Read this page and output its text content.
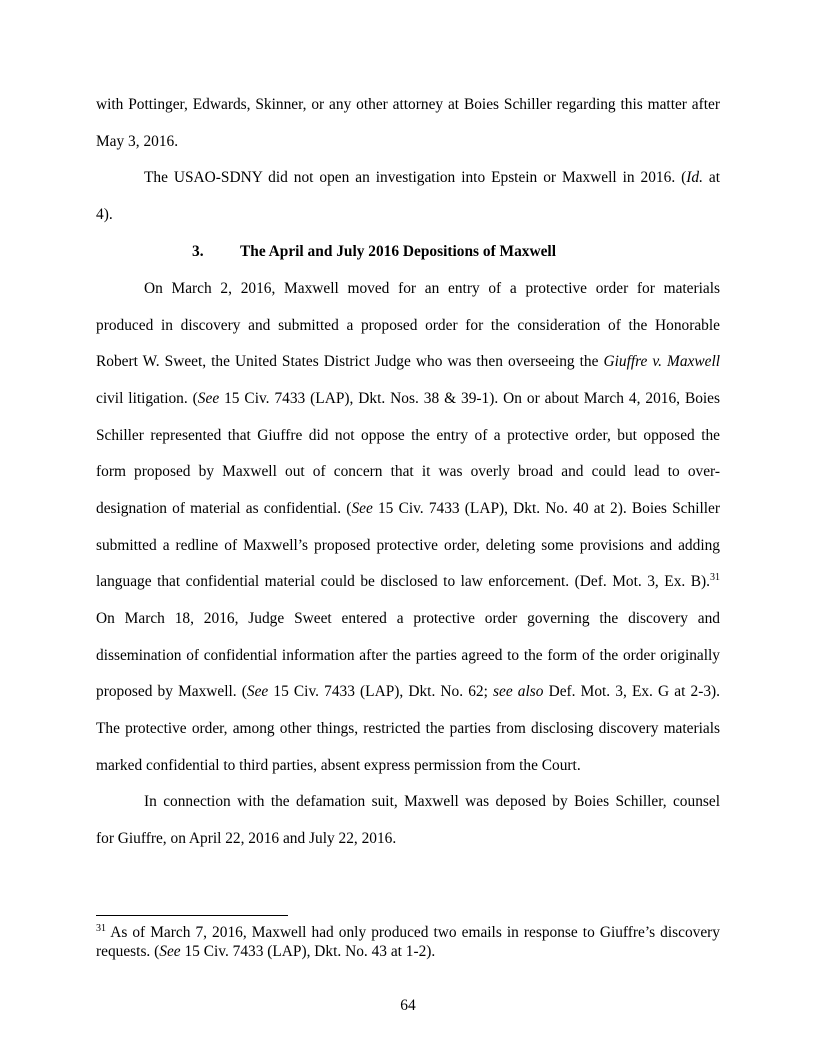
with Pottinger, Edwards, Skinner, or any other attorney at Boies Schiller regarding this matter after
May 3, 2016.
The USAO-SDNY did not open an investigation into Epstein or Maxwell in 2016. (Id. at
4).
3. The April and July 2016 Depositions of Maxwell
On March 2, 2016, Maxwell moved for an entry of a protective order for materials
produced in discovery and submitted a proposed order for the consideration of the Honorable
Robert W. Sweet, the United States District Judge who was then overseeing the Giuffre v. Maxwell
civil litigation. (See 15 Civ. 7433 (LAP), Dkt. Nos. 38 & 39-1). On or about March 4, 2016, Boies
Schiller represented that Giuffre did not oppose the entry of a protective order, but opposed the
form proposed by Maxwell out of concern that it was overly broad and could lead to over-
designation of material as confidential. (See 15 Civ. 7433 (LAP), Dkt. No. 40 at 2). Boies Schiller
submitted a redline of Maxwell’s proposed protective order, deleting some provisions and adding
language that confidential material could be disclosed to law enforcement. (Def. Mot. 3, Ex. B).$^{31}$
On March 18, 2016, Judge Sweet entered a protective order governing the discovery and
dissemination of confidential information after the parties agreed to the form of the order originally
proposed by Maxwell. (See 15 Civ. 7433 (LAP), Dkt. No. 62; see also Def. Mot. 3, Ex. G at 2-3).
The protective order, among other things, restricted the parties from disclosing discovery materials
marked confidential to third parties, absent express permission from the Court.
In connection with the defamation suit, Maxwell was deposed by Boies Schiller, counsel
for Giuffre, on April 22, 2016 and July 22, 2016.
$^{31}$ As of March 7, 2016, Maxwell had only produced two emails in response to Giuffre’s discovery
requests. (See 15 Civ. 7433 (LAP), Dkt. No. 43 at 1-2).
64
